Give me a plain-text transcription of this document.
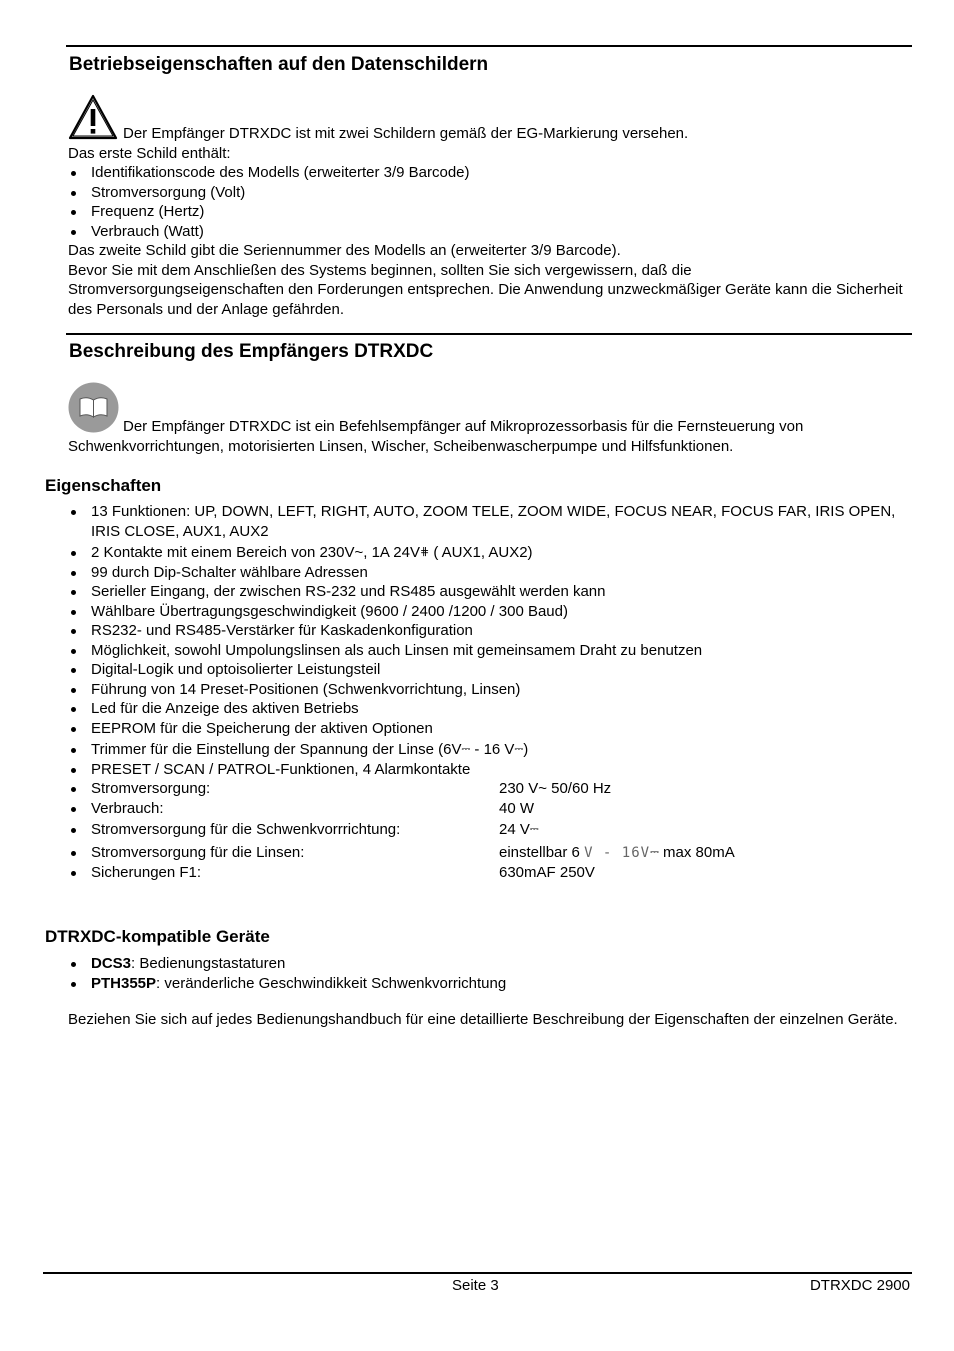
Betriebseigenschaften auf den Datenschildern

Der Empfänger DTRXDC ist mit zwei Schildern gemäß der EG-Markierung versehen.

Das erste Schild enthält:

Identifikationscode des Modells (erweiterter 3/9 Barcode)
Stromversorgung (Volt)
Frequenz (Hertz)
Verbrauch (Watt)

Das zweite Schild gibt die Seriennummer des Modells an (erweiterter 3/9 Barcode).

Bevor Sie mit dem Anschließen des Systems beginnen, sollten Sie sich vergewissern, daß die Stromversorgungseigenschaften den Forderungen entsprechen. Die Anwendung unzweckmäßiger Geräte kann die Sicherheit des Personals und der Anlage gefährden.

Beschreibung des Empfängers DTRXDC

Der Empfänger DTRXDC ist ein Befehlsempfänger auf Mikroprozessorbasis für die Fernsteuerung von Schwenkvorrichtungen, motorisierten Linsen, Wischer, Scheibenwascherpumpe und Hilfsfunktionen.

Eigenschaften
13 Funktionen: UP, DOWN, LEFT, RIGHT, AUTO, ZOOM TELE, ZOOM WIDE, FOCUS NEAR, FOCUS FAR, IRIS OPEN, IRIS CLOSE, AUX1, AUX2
2 Kontakte mit einem Bereich von 230V~, 1A 24V⋕ ( AUX1, AUX2)
99 durch Dip-Schalter wählbare Adressen
Serieller Eingang, der zwischen RS-232 und RS485 ausgewählt werden kann
Wählbare Übertragungsgeschwindigkeit (9600 / 2400 /1200 / 300 Baud)
RS232- und RS485-Verstärker für Kaskadenkonfiguration
Möglichkeit, sowohl Umpolungslinsen als auch Linsen mit gemeinsamem Draht zu benutzen
Digital-Logik und optoisolierter Leistungsteil
Führung von 14 Preset-Positionen (Schwenkvorrichtung, Linsen)
Led für die Anzeige des aktiven Betriebs
EEPROM für die Speicherung der aktiven Optionen
Trimmer für die Einstellung der Spannung der Linse (6V⎓ - 16 V⎓)
PRESET / SCAN / PATROL-Funktionen, 4 Alarmkontakte
Stromversorgung:	230 V~ 50/60 Hz
Verbrauch:	40 W
Stromversorgung für die Schwenkvorrrichtung:	24 V⎓
Stromversorgung für die Linsen:	einstellbar 6 V - 16V⎓ max 80mA
Sicherungen F1:	630mAF 250V
DTRXDC-kompatible Geräte
DCS3: Bedienungstastaturen
PTH355P: veränderliche Geschwindikkeit Schwenkvorrichtung

Beziehen Sie sich auf jedes Bedienungshandbuch für eine detaillierte Beschreibung der Eigenschaften der einzelnen Geräte.

Seite 3	DTRXDC 2900
